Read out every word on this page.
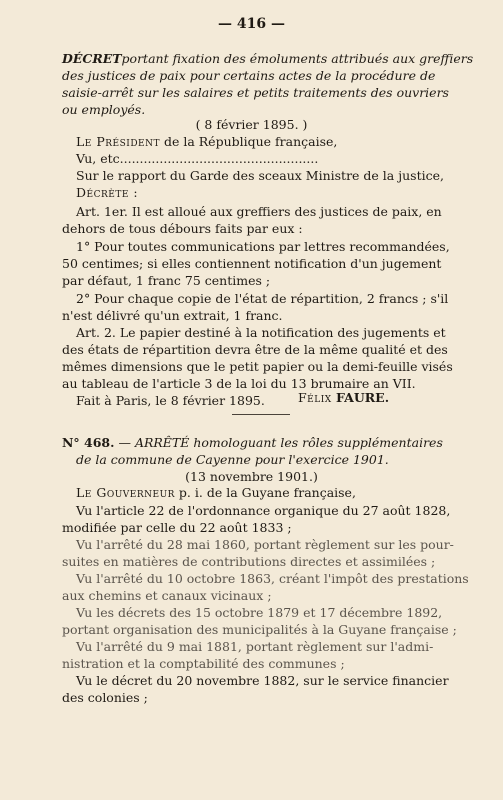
— 416 —
DÉCRETportant fixation des émoluments attribués aux greffiers
des justices de paix pour certains actes de la procédure de
saisie-arrêt sur les salaires et petits traitements des ouvriers
ou employés.
( 8 février 1895. )
Le Président de la République française,
Vu, etc..................................................
Sur le rapport du Garde des sceaux Ministre de la justice,
Décrète :
Art. 1er. Il est alloué aux greffiers des justices de paix, en
dehors de tous débours faits par eux :
1° Pour toutes communications par lettres recommandées,
50 centimes; si elles contiennent notification d'un jugement
par défaut, 1 franc 75 centimes ;
2° Pour chaque copie de l'état de répartition, 2 francs ; s'il
n'est délivré qu'un extrait, 1 franc.
Art. 2. Le papier destiné à la notification des jugements et
des états de répartition devra être de la même qualité et des
mêmes dimensions que le petit papier ou la demi-feuille visés
au tableau de l'article 3 de la loi du 13 brumaire an VII.
Fait à Paris, le 8 février 1895.	Félix FAURE.
N° 468. — ARRÊTÉ homologuant les rôles supplémentaires
de la commune de Cayenne pour l'exercice 1901.
(13 novembre 1901.)
Le Gouverneur p. i. de la Guyane française,
Vu l'article 22 de l'ordonnance organique du 27 août 1828,
modifiée par celle du 22 août 1833 ;
Vu l'arrêté du 28 mai 1860, portant règlement sur les pour-
suites en matières de contributions directes et assimilées ;
Vu l'arrêté du 10 octobre 1863, créant l'impôt des prestations
aux chemins et canaux vicinaux ;
Vu les décrets des 15 octobre 1879 et 17 décembre 1892,
portant organisation des municipalités à la Guyane française ;
Vu l'arrêté du 9 mai 1881, portant règlement sur l'admi-
nistration et la comptabilité des communes ;
Vu le décret du 20 novembre 1882, sur le service financier
des colonies ;
